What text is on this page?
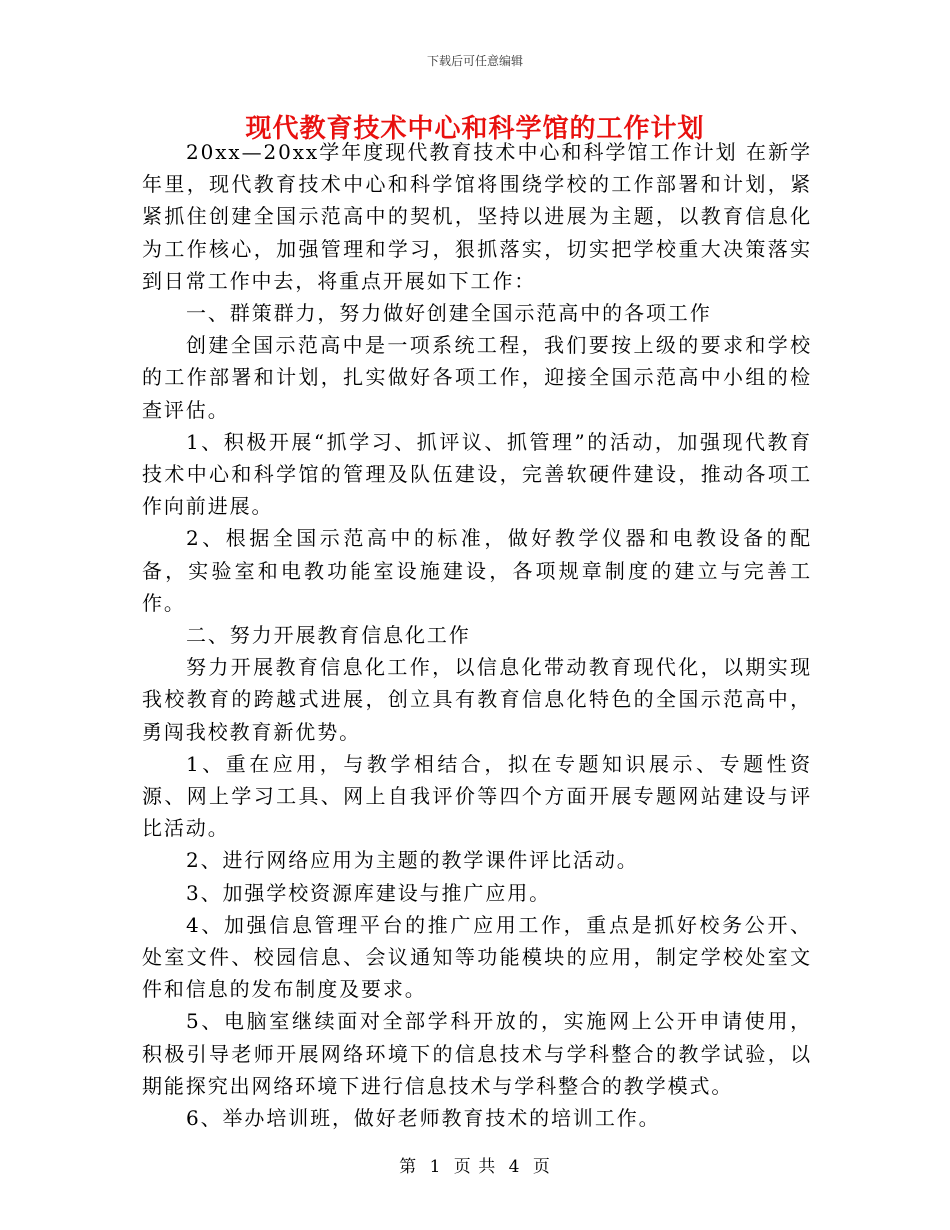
下载后可任意编辑
现代教育技术中心和科学馆的工作计划

20xx—20xx学年度现代教育技术中心和科学馆工作计划 在新学年里，现代教育技术中心和科学馆将围绕学校的工作部署和计划，紧紧抓住创建全国示范高中的契机，坚持以进展为主题，以教育信息化为工作核心，加强管理和学习，狠抓落实，切实把学校重大决策落实到日常工作中去，将重点开展如下工作：

一、群策群力，努力做好创建全国示范高中的各项工作

创建全国示范高中是一项系统工程，我们要按上级的要求和学校的工作部署和计划，扎实做好各项工作，迎接全国示范高中小组的检查评估。

1、积极开展“抓学习、抓评议、抓管理”的活动，加强现代教育技术中心和科学馆的管理及队伍建设，完善软硬件建设，推动各项工作向前进展。

2、根据全国示范高中的标准，做好教学仪器和电教设备的配备，实验室和电教功能室设施建设，各项规章制度的建立与完善工作。

二、努力开展教育信息化工作

努力开展教育信息化工作，以信息化带动教育现代化，以期实现我校教育的跨越式进展，创立具有教育信息化特色的全国示范高中，勇闯我校教育新优势。

1、重在应用，与教学相结合，拟在专题知识展示、专题性资源、网上学习工具、网上自我评价等四个方面开展专题网站建设与评比活动。

2、进行网络应用为主题的教学课件评比活动。

3、加强学校资源库建设与推广应用。

4、加强信息管理平台的推广应用工作，重点是抓好校务公开、处室文件、校园信息、会议通知等功能模块的应用，制定学校处室文件和信息的发布制度及要求。

5、电脑室继续面对全部学科开放的，实施网上公开申请使用，积极引导老师开展网络环境下的信息技术与学科整合的教学试验，以期能探究出网络环境下进行信息技术与学科整合的教学模式。

6、举办培训班，做好老师教育技术的培训工作。

第 1 页 共 4 页
